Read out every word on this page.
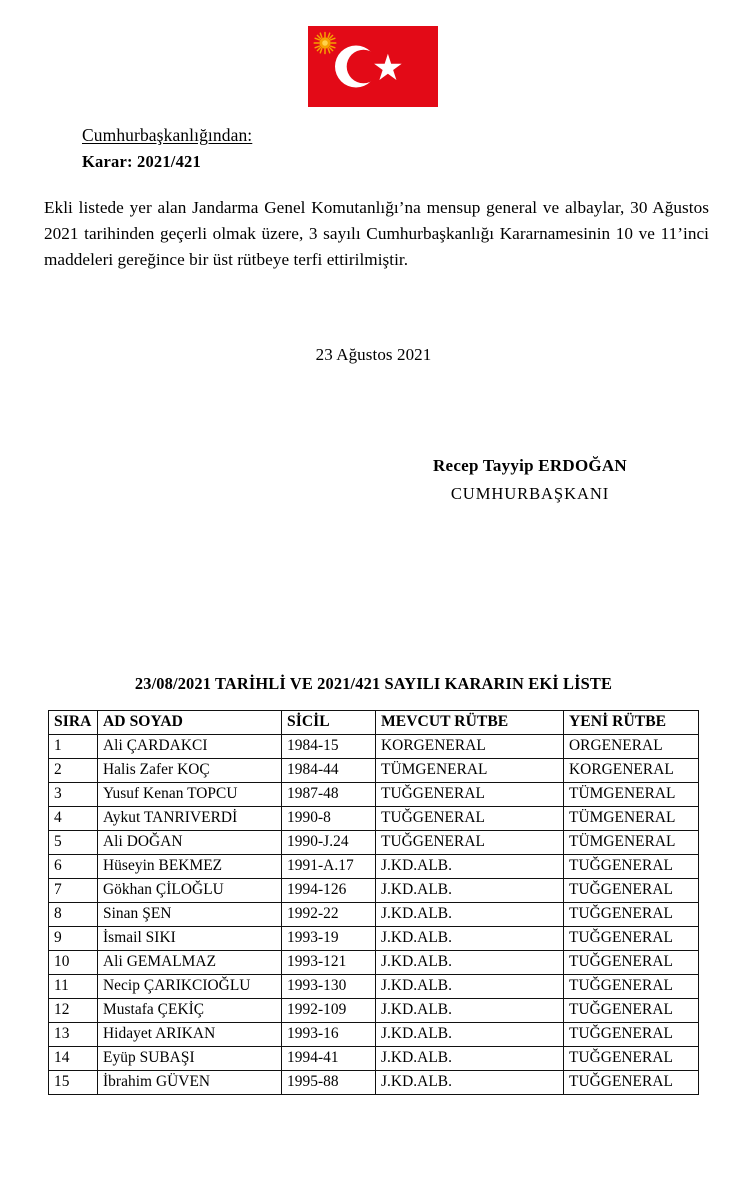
Cumhurbaşkanlığından:
Karar: 2021/421
Ekli listede yer alan Jandarma Genel Komutanlığı’na mensup general ve albaylar, 30 Ağustos 2021 tarihinden geçerli olmak üzere, 3 sayılı Cumhurbaşkanlığı Kararnamesinin 10 ve 11’inci maddeleri gereğince bir üst rütbeye terfi ettirilmiştir.
23 Ağustos 2021
Recep Tayyip ERDOĞAN
CUMHURBAŞKANI
23/08/2021 TARİHLİ VE 2021/421 SAYILI KARARIN EKİ LİSTE
SIRA	AD SOYAD	SİCİL	MEVCUT RÜTBE	YENİ RÜTBE
1	Ali ÇARDAKCI	1984-15	KORGENERAL	ORGENERAL
2	Halis Zafer KOÇ	1984-44	TÜMGENERAL	KORGENERAL
3	Yusuf Kenan TOPCU	1987-48	TUĞGENERAL	TÜMGENERAL
4	Aykut TANRIVERDİ	1990-8	TUĞGENERAL	TÜMGENERAL
5	Ali DOĞAN	1990-J.24	TUĞGENERAL	TÜMGENERAL
6	Hüseyin BEKMEZ	1991-A.17	J.KD.ALB.	TUĞGENERAL
7	Gökhan ÇİLOĞLU	1994-126	J.KD.ALB.	TUĞGENERAL
8	Sinan ŞEN	1992-22	J.KD.ALB.	TUĞGENERAL
9	İsmail SIKI	1993-19	J.KD.ALB.	TUĞGENERAL
10	Ali GEMALMAZ	1993-121	J.KD.ALB.	TUĞGENERAL
11	Necip ÇARIKCIOĞLU	1993-130	J.KD.ALB.	TUĞGENERAL
12	Mustafa ÇEKİÇ	1992-109	J.KD.ALB.	TUĞGENERAL
13	Hidayet ARIKAN	1993-16	J.KD.ALB.	TUĞGENERAL
14	Eyüp SUBAŞI	1994-41	J.KD.ALB.	TUĞGENERAL
15	İbrahim GÜVEN	1995-88	J.KD.ALB.	TUĞGENERAL
